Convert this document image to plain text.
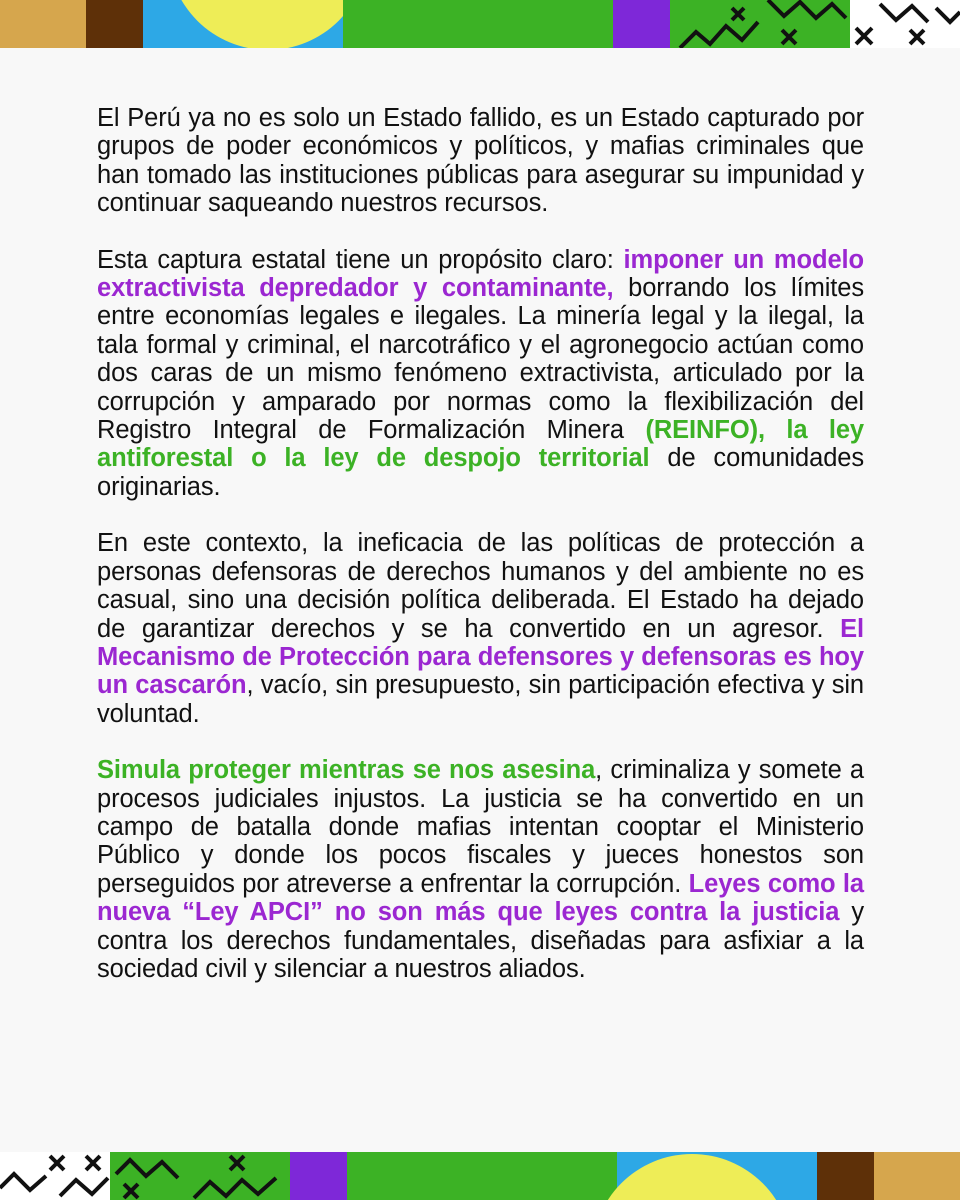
El Perú ya no es solo un Estado fallido, es un Estado capturado por grupos de poder económicos y políticos, y mafias criminales que han tomado las instituciones públicas para asegurar su impunidad y continuar saqueando nuestros recursos.

Esta captura estatal tiene un propósito claro: imponer un modelo extractivista depredador y contaminante, borrando los límites entre economías legales e ilegales. La minería legal y la ilegal, la tala formal y criminal, el narcotráfico y el agronegocio actúan como dos caras de un mismo fenómeno extractivista, articulado por la corrupción y amparado por normas como la flexibilización del Registro Integral de Formalización Minera (REINFO), la ley antiforestal o la ley de despojo territorial de comunidades originarias.

En este contexto, la ineficacia de las políticas de protección a personas defensoras de derechos humanos y del ambiente no es casual, sino una decisión política deliberada. El Estado ha dejado de garantizar derechos y se ha convertido en un agresor. El Mecanismo de Protección para defensores y defensoras es hoy un cascarón, vacío, sin presupuesto, sin participación efectiva y sin voluntad.

Simula proteger mientras se nos asesina, criminaliza y somete a procesos judiciales injustos. La justicia se ha convertido en un campo de batalla donde mafias intentan cooptar el Ministerio Público y donde los pocos fiscales y jueces honestos son perseguidos por atreverse a enfrentar la corrupción. Leyes como la nueva “Ley APCI” no son más que leyes contra la justicia y contra los derechos fundamentales, diseñadas para asfixiar a la sociedad civil y silenciar a nuestros aliados.
